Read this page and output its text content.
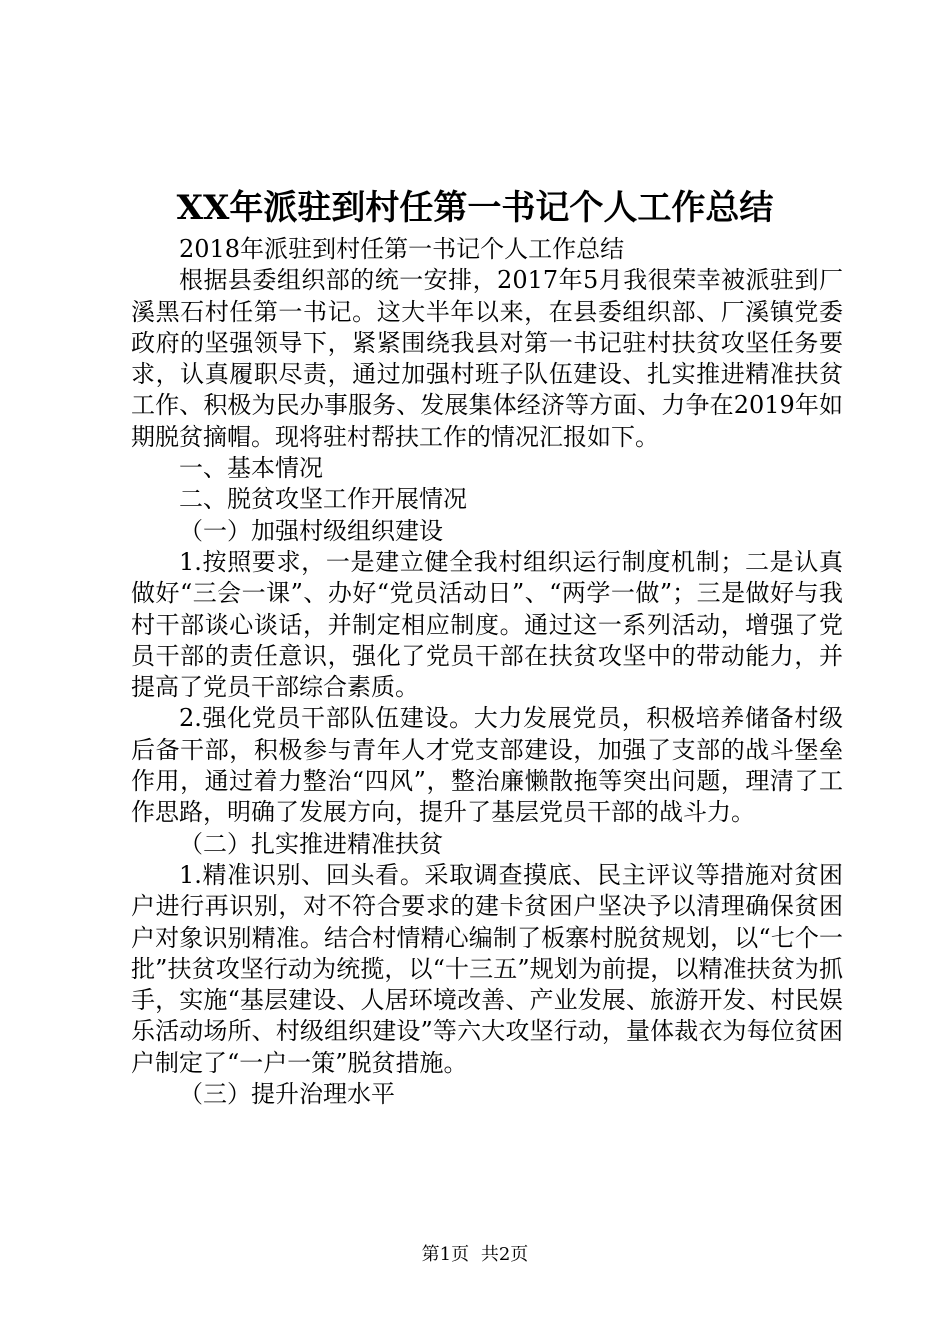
XX年派驻到村任第一书记个人工作总结

2018年派驻到村任第一书记个人工作总结

根据县委组织部的统一安排，2017年5月我很荣幸被派驻到厂溪黑石村任第一书记。这大半年以来，在县委组织部、厂溪镇党委政府的坚强领导下，紧紧围绕我县对第一书记驻村扶贫攻坚任务要求，认真履职尽责，通过加强村班子队伍建设、扎实推进精准扶贫工作、积极为民办事服务、发展集体经济等方面、力争在2019年如期脱贫摘帽。现将驻村帮扶工作的情况汇报如下。

一、基本情况

二、脱贫攻坚工作开展情况

（一）加强村级组织建设

1.按照要求，一是建立健全我村组织运行制度机制；二是认真做好“三会一课”、办好“党员活动日”、“两学一做”；三是做好与我村干部谈心谈话，并制定相应制度。通过这一系列活动，增强了党员干部的责任意识，强化了党员干部在扶贫攻坚中的带动能力，并提高了党员干部综合素质。

2.强化党员干部队伍建设。大力发展党员，积极培养储备村级后备干部，积极参与青年人才党支部建设，加强了支部的战斗堡垒作用，通过着力整治“四风”，整治廉懒散拖等突出问题，理清了工作思路，明确了发展方向，提升了基层党员干部的战斗力。

（二）扎实推进精准扶贫

1.精准识别、回头看。采取调查摸底、民主评议等措施对贫困户进行再识别，对不符合要求的建卡贫困户坚决予以清理确保贫困户对象识别精准。结合村情精心编制了板寨村脱贫规划，以“七个一批”扶贫攻坚行动为统揽，以“十三五”规划为前提，以精准扶贫为抓手，实施“基层建设、人居环境改善、产业发展、旅游开发、村民娱乐活动场所、村级组织建设”等六大攻坚行动，量体裁衣为每位贫困户制定了“一户一策”脱贫措施。

（三）提升治理水平

第1页 共2页
